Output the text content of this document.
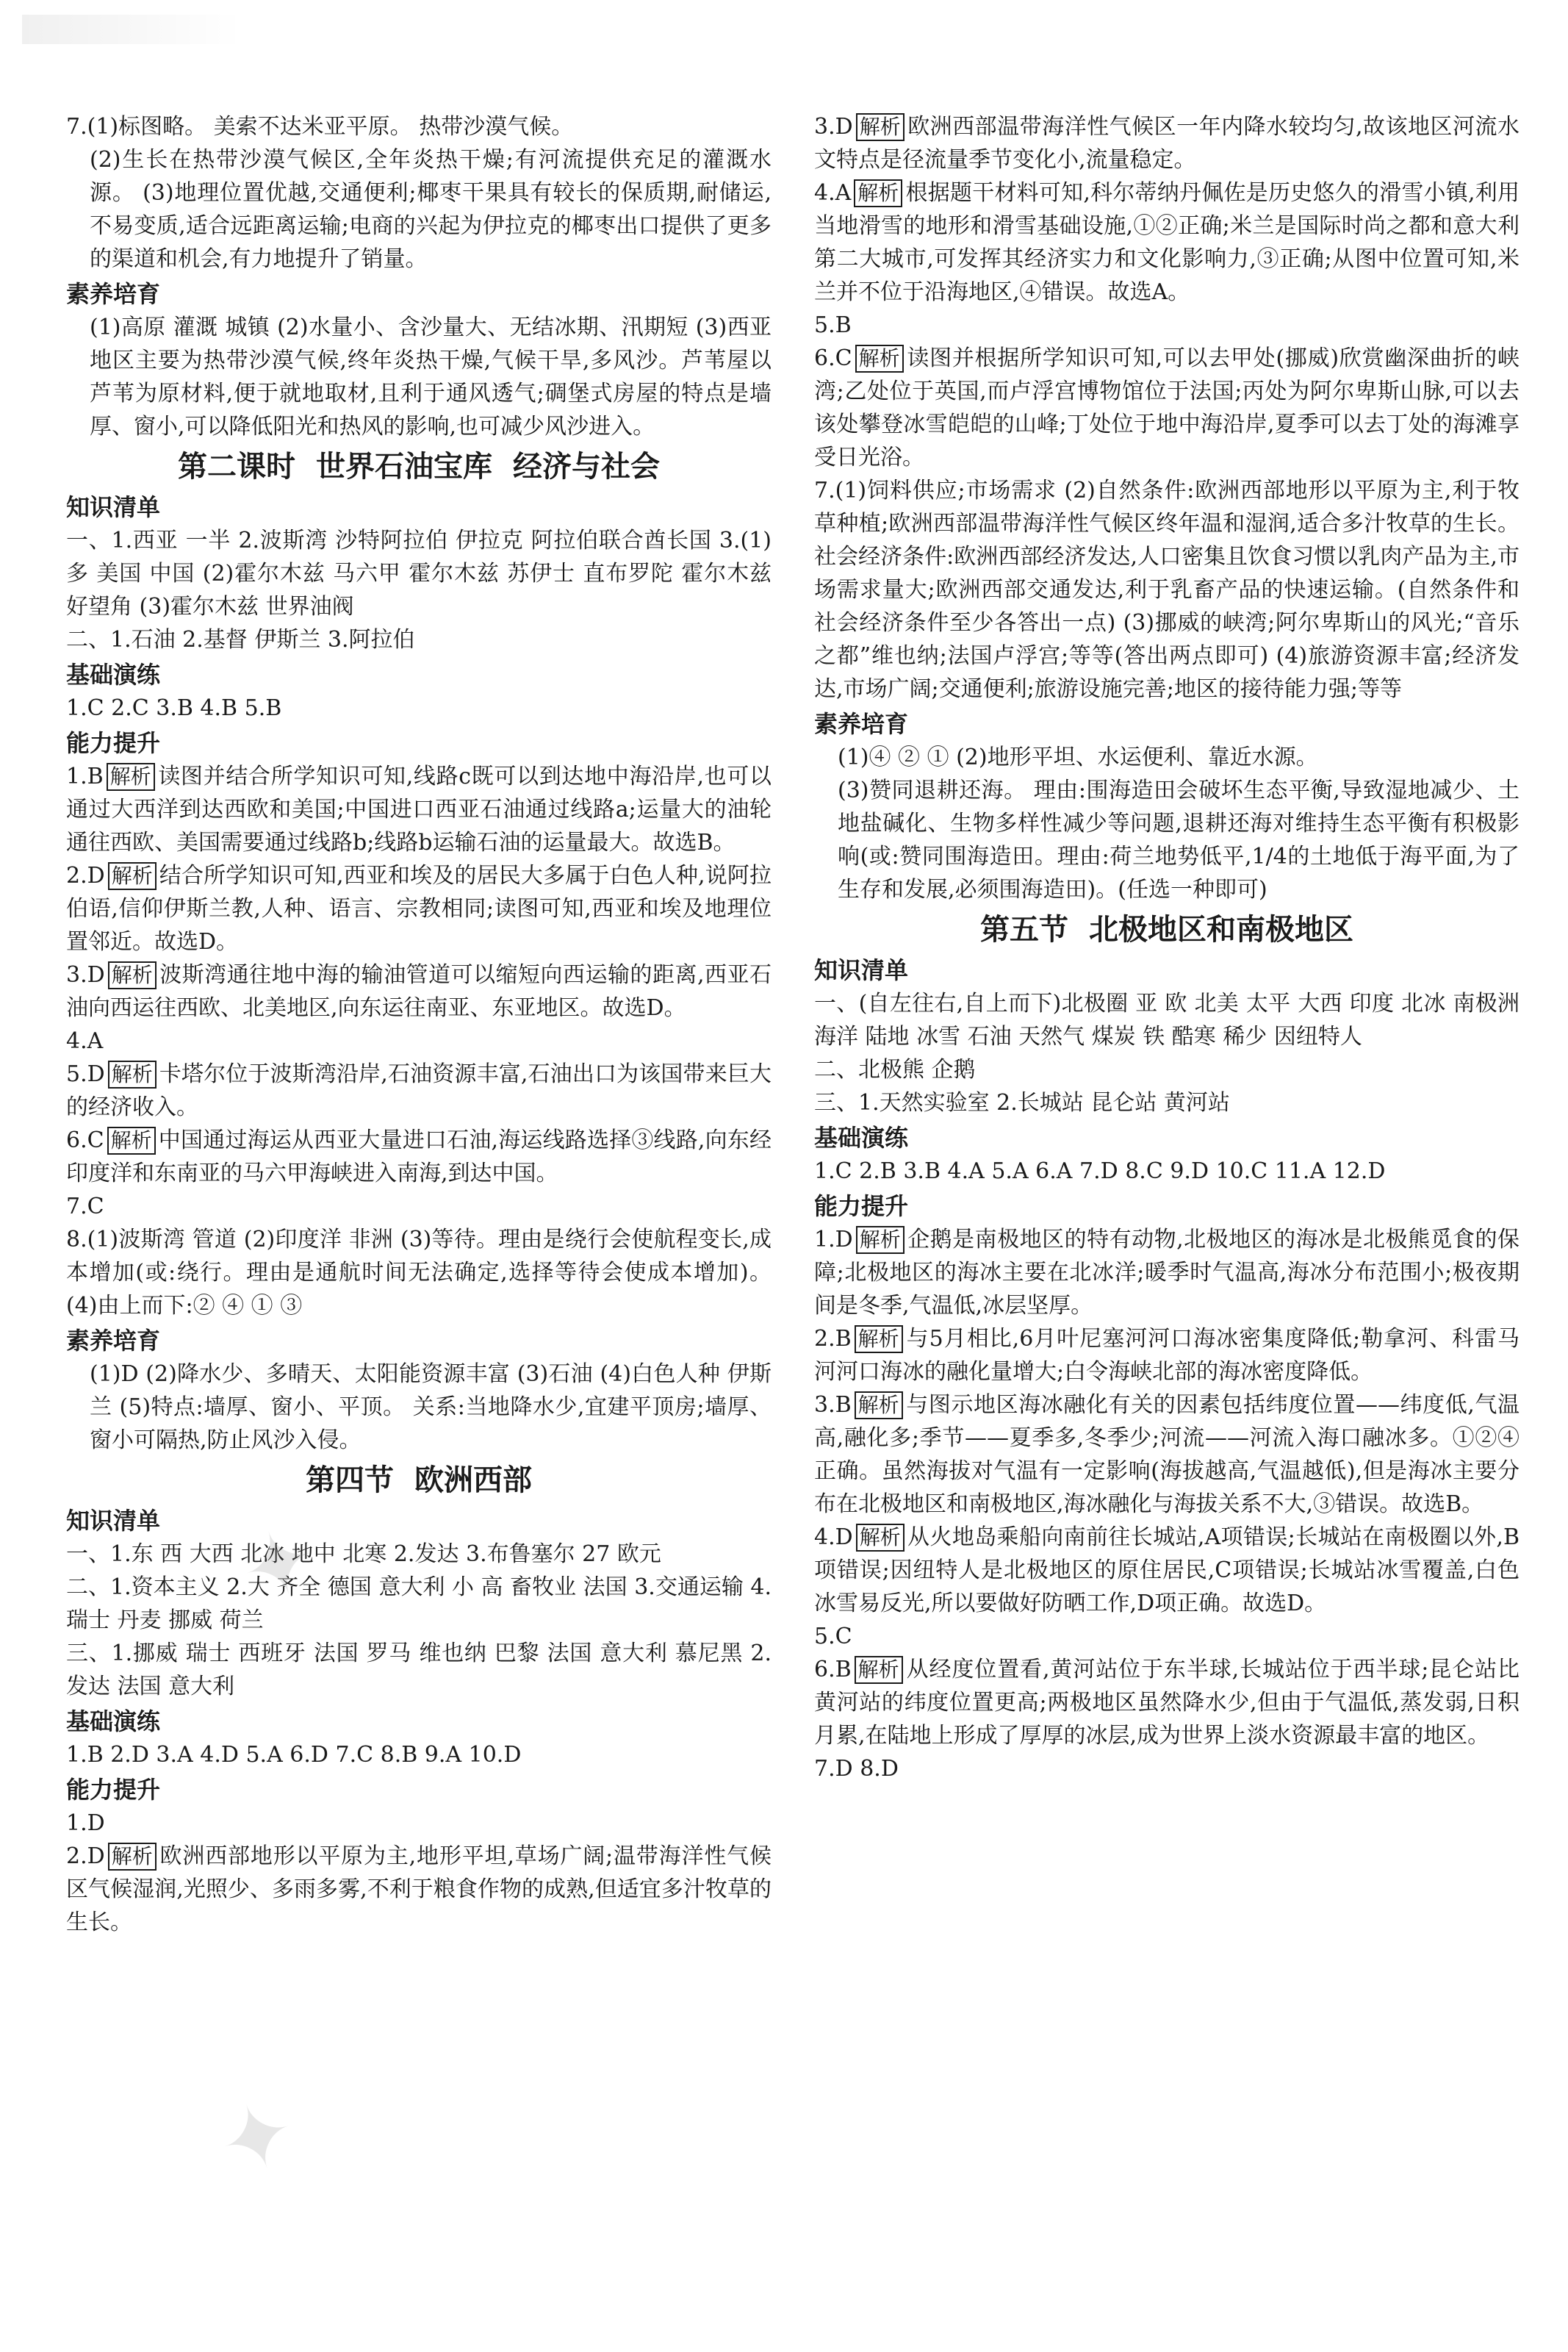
7.(1)标图略。 美索不达米亚平原。 热带沙漠气候。

(2)生长在热带沙漠气候区,全年炎热干燥;有河流提供充足的灌溉水源。 (3)地理位置优越,交通便利;椰枣干果具有较长的保质期,耐储运,不易变质,适合远距离运输;电商的兴起为伊拉克的椰枣出口提供了更多的渠道和机会,有力地提升了销量。

素养培育

(1)高原 灌溉 城镇 (2)水量小、含沙量大、无结冰期、汛期短 (3)西亚地区主要为热带沙漠气候,终年炎热干燥,气候干旱,多风沙。芦苇屋以芦苇为原材料,便于就地取材,且利于通风透气;碉堡式房屋的特点是墙厚、窗小,可以降低阳光和热风的影响,也可减少风沙进入。

第二课时 世界石油宝库 经济与社会
知识清单

一、1.西亚 一半 2.波斯湾 沙特阿拉伯 伊拉克 阿拉伯联合酋长国 3.(1)多 美国 中国 (2)霍尔木兹 马六甲 霍尔木兹 苏伊士 直布罗陀 霍尔木兹 好望角 (3)霍尔木兹 世界油阀

二、1.石油 2.基督 伊斯兰 3.阿拉伯

基础演练

1.C 2.C 3.B 4.B 5.B

能力提升

1.B 解析 读图并结合所学知识可知,线路c既可以到达地中海沿岸,也可以通过大西洋到达西欧和美国;中国进口西亚石油通过线路a;运量大的油轮通往西欧、美国需要通过线路b;线路b运输石油的运量最大。故选B。

2.D 解析 结合所学知识可知,西亚和埃及的居民大多属于白色人种,说阿拉伯语,信仰伊斯兰教,人种、语言、宗教相同;读图可知,西亚和埃及地理位置邻近。故选D。

3.D 解析 波斯湾通往地中海的输油管道可以缩短向西运输的距离,西亚石油向西运往西欧、北美地区,向东运往南亚、东亚地区。故选D。

4.A

5.D 解析 卡塔尔位于波斯湾沿岸,石油资源丰富,石油出口为该国带来巨大的经济收入。

6.C 解析 中国通过海运从西亚大量进口石油,海运线路选择③线路,向东经印度洋和东南亚的马六甲海峡进入南海,到达中国。

7.C

8.(1)波斯湾 管道 (2)印度洋 非洲 (3)等待。理由是绕行会使航程变长,成本增加(或:绕行。理由是通航时间无法确定,选择等待会使成本增加)。 (4)由上而下:② ④ ① ③

素养培育

(1)D (2)降水少、多晴天、太阳能资源丰富 (3)石油 (4)白色人种 伊斯兰 (5)特点:墙厚、窗小、平顶。 关系:当地降水少,宜建平顶房;墙厚、窗小可隔热,防止风沙入侵。

第四节 欧洲西部
知识清单

一、1.东 西 大西 北冰 地中 北寒 2.发达 3.布鲁塞尔 27 欧元

二、1.资本主义 2.大 齐全 德国 意大利 小 高 畜牧业 法国 3.交通运输 4.瑞士 丹麦 挪威 荷兰

三、1.挪威 瑞士 西班牙 法国 罗马 维也纳 巴黎 法国 意大利 慕尼黑 2.发达 法国 意大利

基础演练

1.B 2.D 3.A 4.D 5.A 6.D 7.C 8.B 9.A 10.D

能力提升

1.D

2.D 解析 欧洲西部地形以平原为主,地形平坦,草场广阔;温带海洋性气候区气候湿润,光照少、多雨多雾,不利于粮食作物的成熟,但适宜多汁牧草的生长。

3.D 解析 欧洲西部温带海洋性气候区一年内降水较均匀,故该地区河流水文特点是径流量季节变化小,流量稳定。

4.A 解析 根据题干材料可知,科尔蒂纳丹佩佐是历史悠久的滑雪小镇,利用当地滑雪的地形和滑雪基础设施,①②正确;米兰是国际时尚之都和意大利第二大城市,可发挥其经济实力和文化影响力,③正确;从图中位置可知,米兰并不位于沿海地区,④错误。故选A。

5.B

6.C 解析 读图并根据所学知识可知,可以去甲处(挪威)欣赏幽深曲折的峡湾;乙处位于英国,而卢浮宫博物馆位于法国;丙处为阿尔卑斯山脉,可以去该处攀登冰雪皑皑的山峰;丁处位于地中海沿岸,夏季可以去丁处的海滩享受日光浴。

7.(1)饲料供应;市场需求 (2)自然条件:欧洲西部地形以平原为主,利于牧草种植;欧洲西部温带海洋性气候区终年温和湿润,适合多汁牧草的生长。社会经济条件:欧洲西部经济发达,人口密集且饮食习惯以乳肉产品为主,市场需求量大;欧洲西部交通发达,利于乳畜产品的快速运输。(自然条件和社会经济条件至少各答出一点) (3)挪威的峡湾;阿尔卑斯山的风光;“音乐之都”维也纳;法国卢浮宫;等等(答出两点即可) (4)旅游资源丰富;经济发达,市场广阔;交通便利;旅游设施完善;地区的接待能力强;等等

素养培育

(1)④ ② ① (2)地形平坦、水运便利、靠近水源。

(3)赞同退耕还海。 理由:围海造田会破坏生态平衡,导致湿地减少、土地盐碱化、生物多样性减少等问题,退耕还海对维持生态平衡有积极影响(或:赞同围海造田。理由:荷兰地势低平,1/4的土地低于海平面,为了生存和发展,必须围海造田)。(任选一种即可)

第五节 北极地区和南极地区
知识清单

一、(自左往右,自上而下)北极圈 亚 欧 北美 太平 大西 印度 北冰 南极洲 海洋 陆地 冰雪 石油 天然气 煤炭 铁 酷寒 稀少 因纽特人

二、北极熊 企鹅

三、1.天然实验室 2.长城站 昆仑站 黄河站

基础演练

1.C 2.B 3.B 4.A 5.A 6.A 7.D 8.C 9.D 10.C 11.A 12.D

能力提升

1.D 解析 企鹅是南极地区的特有动物,北极地区的海冰是北极熊觅食的保障;北极地区的海冰主要在北冰洋;暖季时气温高,海冰分布范围小;极夜期间是冬季,气温低,冰层坚厚。

2.B 解析 与5月相比,6月叶尼塞河河口海冰密集度降低;勒拿河、科雷马河河口海冰的融化量增大;白令海峡北部的海冰密度降低。

3.B 解析 与图示地区海冰融化有关的因素包括纬度位置——纬度低,气温高,融化多;季节——夏季多,冬季少;河流——河流入海口融冰多。①②④正确。虽然海拔对气温有一定影响(海拔越高,气温越低),但是海冰主要分布在北极地区和南极地区,海冰融化与海拔关系不大,③错误。故选B。

4.D 解析 从火地岛乘船向南前往长城站,A项错误;长城站在南极圈以外,B项错误;因纽特人是北极地区的原住居民,C项错误;长城站冰雪覆盖,白色冰雪易反光,所以要做好防晒工作,D项正确。故选D。

5.C

6.B 解析 从经度位置看,黄河站位于东半球,长城站位于西半球;昆仑站比黄河站的纬度位置更高;两极地区虽然降水少,但由于气温低,蒸发弱,日积月累,在陆地上形成了厚厚的冰层,成为世界上淡水资源最丰富的地区。

7.D 8.D

✦
✦
